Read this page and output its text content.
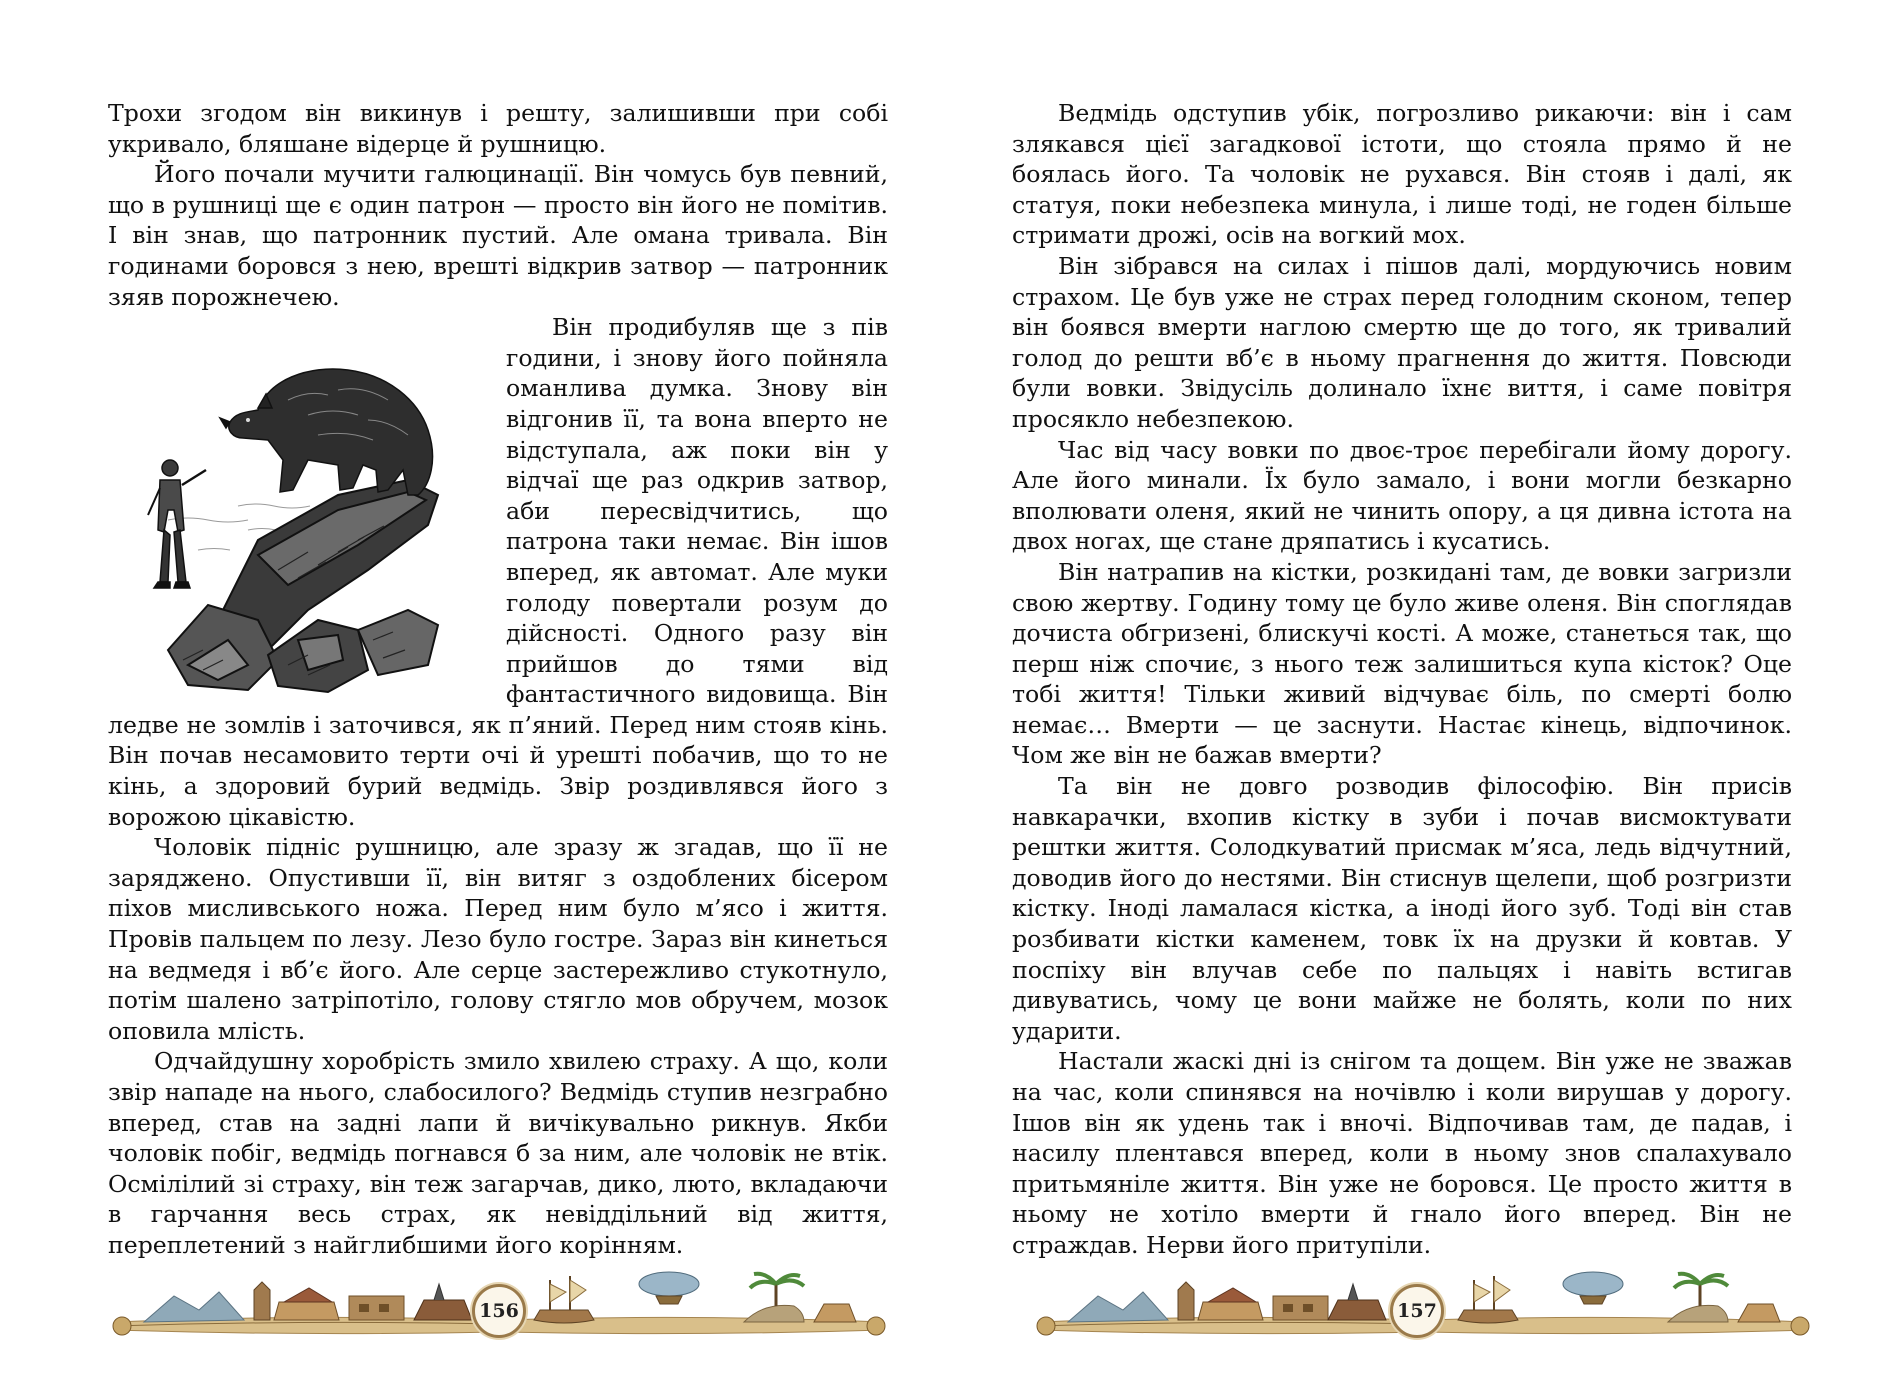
Трохи згодом він викинув і решту, залишивши при собі укривало, бляшане відерце й рушницю.

Його почали мучити галюцинації. Він чомусь був певний, що в рушниці ще є один патрон — просто він його не помітив. І він знав, що патронник пустий. Але омана тривала. Він годинами боровся з нею, врешті відкрив затвор — патронник зяяв порожнечею.

Він продибуляв ще з пів години, і знову його пойняла оманлива думка. Знову він відгонив її, та вона вперто не відступала, аж поки він у відчаї ще раз одкрив затвор, аби пересвідчитись, що патрона таки немає. Він ішов вперед, як автомат. Але муки голоду повертали розум до дійсності. Одного разу він прийшов до тями від фантастичного видовища. Він ледве не зомлів і заточився, як п’яний. Перед ним стояв кінь. Він почав несамовито терти очі й урешті побачив, що то не кінь, а здоровий бурий ведмідь. Звір роздивлявся його з ворожою цікавістю.

Чоловік підніс рушницю, але зразу ж згадав, що її не заряджено. Опустивши її, він витяг з оздоблених бісером піхов мисливського ножа. Перед ним було м’ясо і життя. Провів пальцем по лезу. Лезо було гостре. Зараз він кинеться на ведмедя і вб’є його. Але серце застережливо стукотнуло, потім шалено затріпотіло, голову стягло мов обручем, мозок оповила млість.

Одчайдушну хоробрість змило хвилею страху. А що, коли звір нападе на нього, слабосилого? Ведмідь ступив незграбно вперед, став на задні лапи й вичікувально рикнув. Якби чоловік побіг, ведмідь погнався б за ним, але чоловік не втік. Осмілілий зі страху, він теж загарчав, дико, люто, вкладаючи в гарчання весь страх, як невіддільний від життя, переплетений з найглибшими його корінням.

156

Ведмідь одступив убік, погрозливо рикаючи: він і сам злякався цієї загадкової істоти, що стояла прямо й не боялась його. Та чоловік не рухався. Він стояв і далі, як статуя, поки небезпека минула, і лише тоді, не годен більше стримати дрожі, осів на вогкий мох.

Він зібрався на силах і пішов далі, мордуючись новим страхом. Це був уже не страх перед голодним сконом, тепер він боявся вмерти наглою смертю ще до того, як тривалий голод до решти вб’є в ньому прагнення до життя. Повсюди були вовки. Звідусіль долинало їхнє виття, і саме повітря просякло небезпекою.

Час від часу вовки по двоє-троє перебігали йому дорогу. Але його минали. Їх було замало, і вони могли безкарно вполювати оленя, який не чинить опору, а ця дивна істота на двох ногах, ще стане дряпатись і кусатись.

Він натрапив на кістки, розкидані там, де вовки загризли свою жертву. Годину тому це було живе оленя. Він споглядав дочиста обгризені, блискучі кості. А може, станеться так, що перш ніж спочиє, з нього теж залишиться купа кісток? Оце тобі життя! Тільки живий відчуває біль, по смерті болю немає… Вмерти — це заснути. Настає кінець, відпочинок. Чом же він не бажав вмерти?

Та він не довго розводив філософію. Він присів навкарачки, вхопив кістку в зуби і почав висмоктувати рештки життя. Солодкуватий присмак м’яса, ледь відчутний, доводив його до нестями. Він стиснув щелепи, щоб розгризти кістку. Іноді ламалася кістка, а іноді його зуб. Тоді він став розбивати кістки каменем, товк їх на друзки й ковтав. У поспіху він влучав себе по пальцях і навіть встигав дивуватись, чому це вони майже не болять, коли по них ударити.

Настали жаскі дні із снігом та дощем. Він уже не зважав на час, коли спинявся на ночівлю і коли вирушав у дорогу. Ішов він як удень так і вночі. Відпочивав там, де падав, і насилу плентався вперед, коли в ньому знов спалахувало притьмяніле життя. Він уже не боровся. Це просто життя в ньому не хотіло вмерти й гнало його вперед. Він не страждав. Нерви його притупіли.

157
